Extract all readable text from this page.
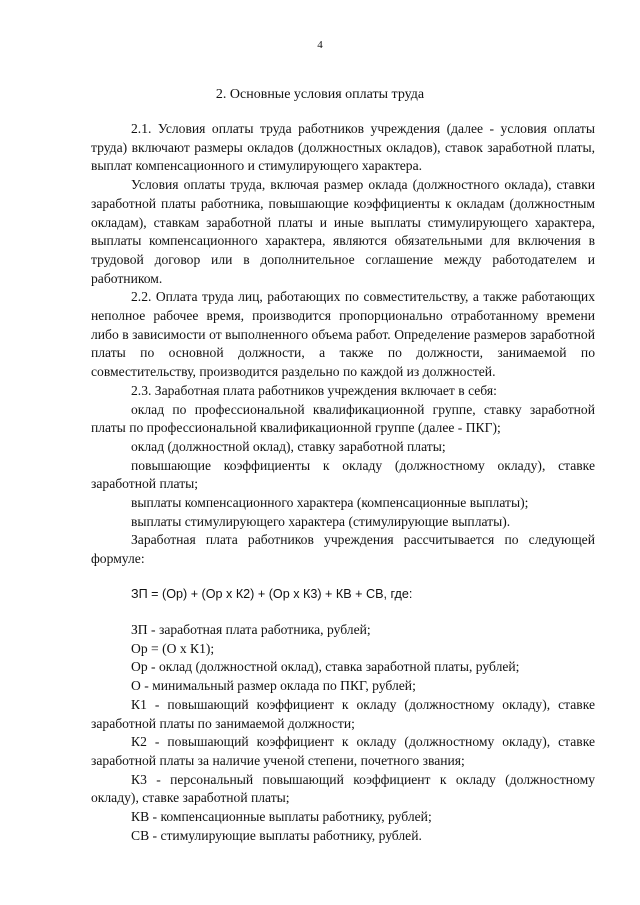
4
2. Основные условия оплаты труда

2.1. Условия оплаты труда работников учреждения (далее - условия оплаты труда) включают размеры окладов (должностных окладов), ставок заработной платы, выплат компенсационного и стимулирующего характера.

Условия оплаты труда, включая размер оклада (должностного оклада), ставки заработной платы работника, повышающие коэффициенты к окладам (должностным окладам), ставкам заработной платы и иные выплаты стимулирующего характера, выплаты компенсационного характера, являются обязательными для включения в трудовой договор или в дополнительное соглашение между работодателем и работником.

2.2. Оплата труда лиц, работающих по совместительству, а также работающих неполное рабочее время, производится пропорционально отработанному времени либо в зависимости от выполненного объема работ. Определение размеров заработной платы по основной должности, а также по должности, занимаемой по совместительству, производится раздельно по каждой из должностей.

2.3. Заработная плата работников учреждения включает в себя:

оклад по профессиональной квалификационной группе, ставку заработной платы по профессиональной квалификационной группе (далее - ПКГ);

оклад (должностной оклад), ставку заработной платы;

повышающие коэффициенты к окладу (должностному окладу), ставке заработной платы;

выплаты компенсационного характера (компенсационные выплаты);

выплаты стимулирующего характера (стимулирующие выплаты).

Заработная плата работников учреждения рассчитывается по следующей формуле:

ЗП = (Ор) + (Ор х К2) + (Ор х К3) + КВ + СВ, где:

ЗП - заработная плата работника, рублей;

Ор = (О х К1);

Ор - оклад (должностной оклад), ставка заработной платы, рублей;

О - минимальный размер оклада по ПКГ, рублей;

К1 - повышающий коэффициент к окладу (должностному окладу), ставке заработной платы по занимаемой должности;

К2 - повышающий коэффициент к окладу (должностному окладу), ставке заработной платы за наличие ученой степени, почетного звания;

К3 - персональный повышающий коэффициент к окладу (должностному окладу), ставке заработной платы;

КВ - компенсационные выплаты работнику, рублей;

СВ - стимулирующие выплаты работнику, рублей.
